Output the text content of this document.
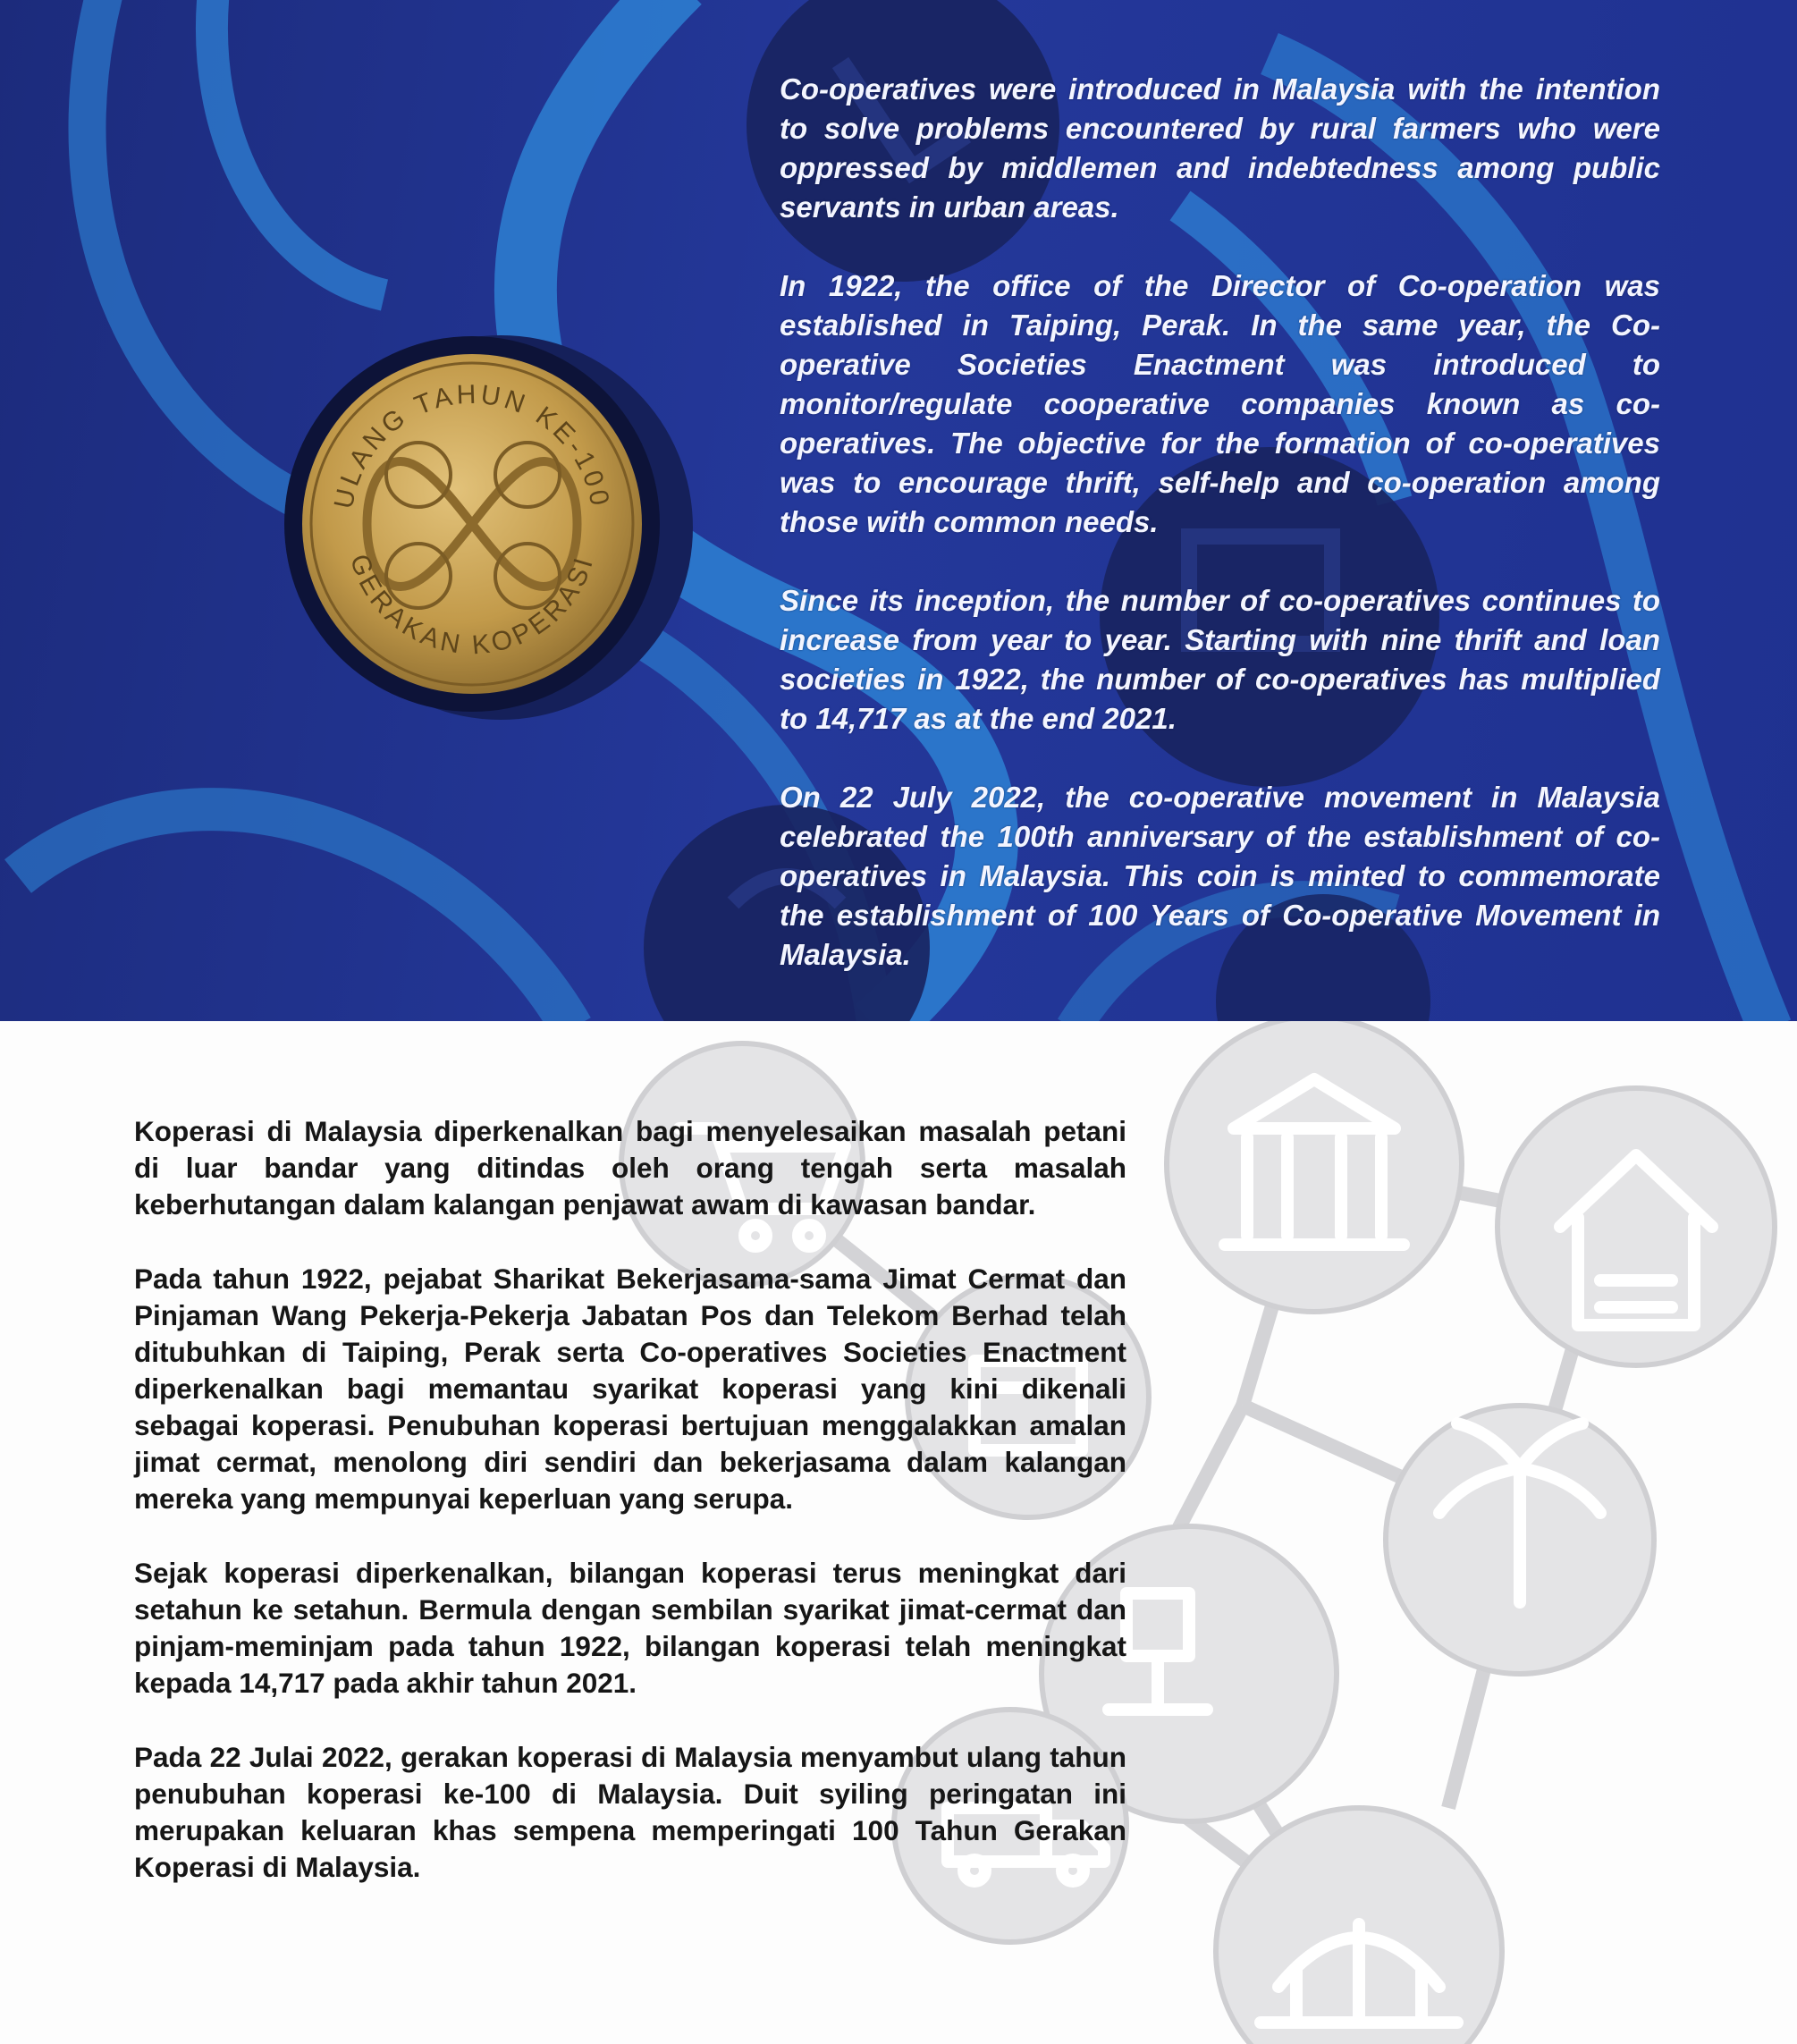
ULANG TAHUN KE-100
GERAKAN KOPERASI

Co-operatives were introduced in Malaysia with the intention to solve problems encountered by rural farmers who were oppressed by middlemen and indebtedness among public servants in urban areas.

In 1922, the office of the Director of Co-operation was established in Taiping, Perak. In the same year, the Co-operative Societies Enactment was introduced to monitor/regulate cooperative companies known as co-operatives. The objective for the formation of co-operatives was to encourage thrift, self-help and co-operation among those with common needs.

Since its inception, the number of co-operatives continues to increase from year to year. Starting with nine thrift and loan societies in 1922, the number of co-operatives has multiplied to 14,717 as at the end 2021.

On 22 July 2022, the co-operative movement in Malaysia celebrated the 100th anniversary of the establishment of co-operatives in Malaysia. This coin is minted to commemorate the establishment of 100 Years of Co-operative Movement in Malaysia.

Koperasi di Malaysia diperkenalkan bagi menyelesaikan masalah petani di luar bandar yang ditindas oleh orang tengah serta masalah keberhutangan dalam kalangan penjawat awam di kawasan bandar.

Pada tahun 1922, pejabat Sharikat Bekerjasama-sama Jimat Cermat dan Pinjaman Wang Pekerja-Pekerja Jabatan Pos dan Telekom Berhad telah ditubuhkan di Taiping, Perak serta Co-operatives Societies Enactment diperkenalkan bagi memantau syarikat koperasi yang kini dikenali sebagai koperasi. Penubuhan koperasi bertujuan menggalakkan amalan jimat cermat, menolong diri sendiri dan bekerjasama dalam kalangan mereka yang mempunyai keperluan yang serupa.

Sejak koperasi diperkenalkan, bilangan koperasi terus meningkat dari setahun ke setahun. Bermula dengan sembilan syarikat jimat-cermat dan pinjam-meminjam pada tahun 1922, bilangan koperasi telah meningkat kepada 14,717 pada akhir tahun 2021.

Pada 22 Julai 2022, gerakan koperasi di Malaysia menyambut ulang tahun penubuhan koperasi ke-100 di Malaysia. Duit syiling peringatan ini merupakan keluaran khas sempena memperingati 100 Tahun Gerakan Koperasi di Malaysia.
